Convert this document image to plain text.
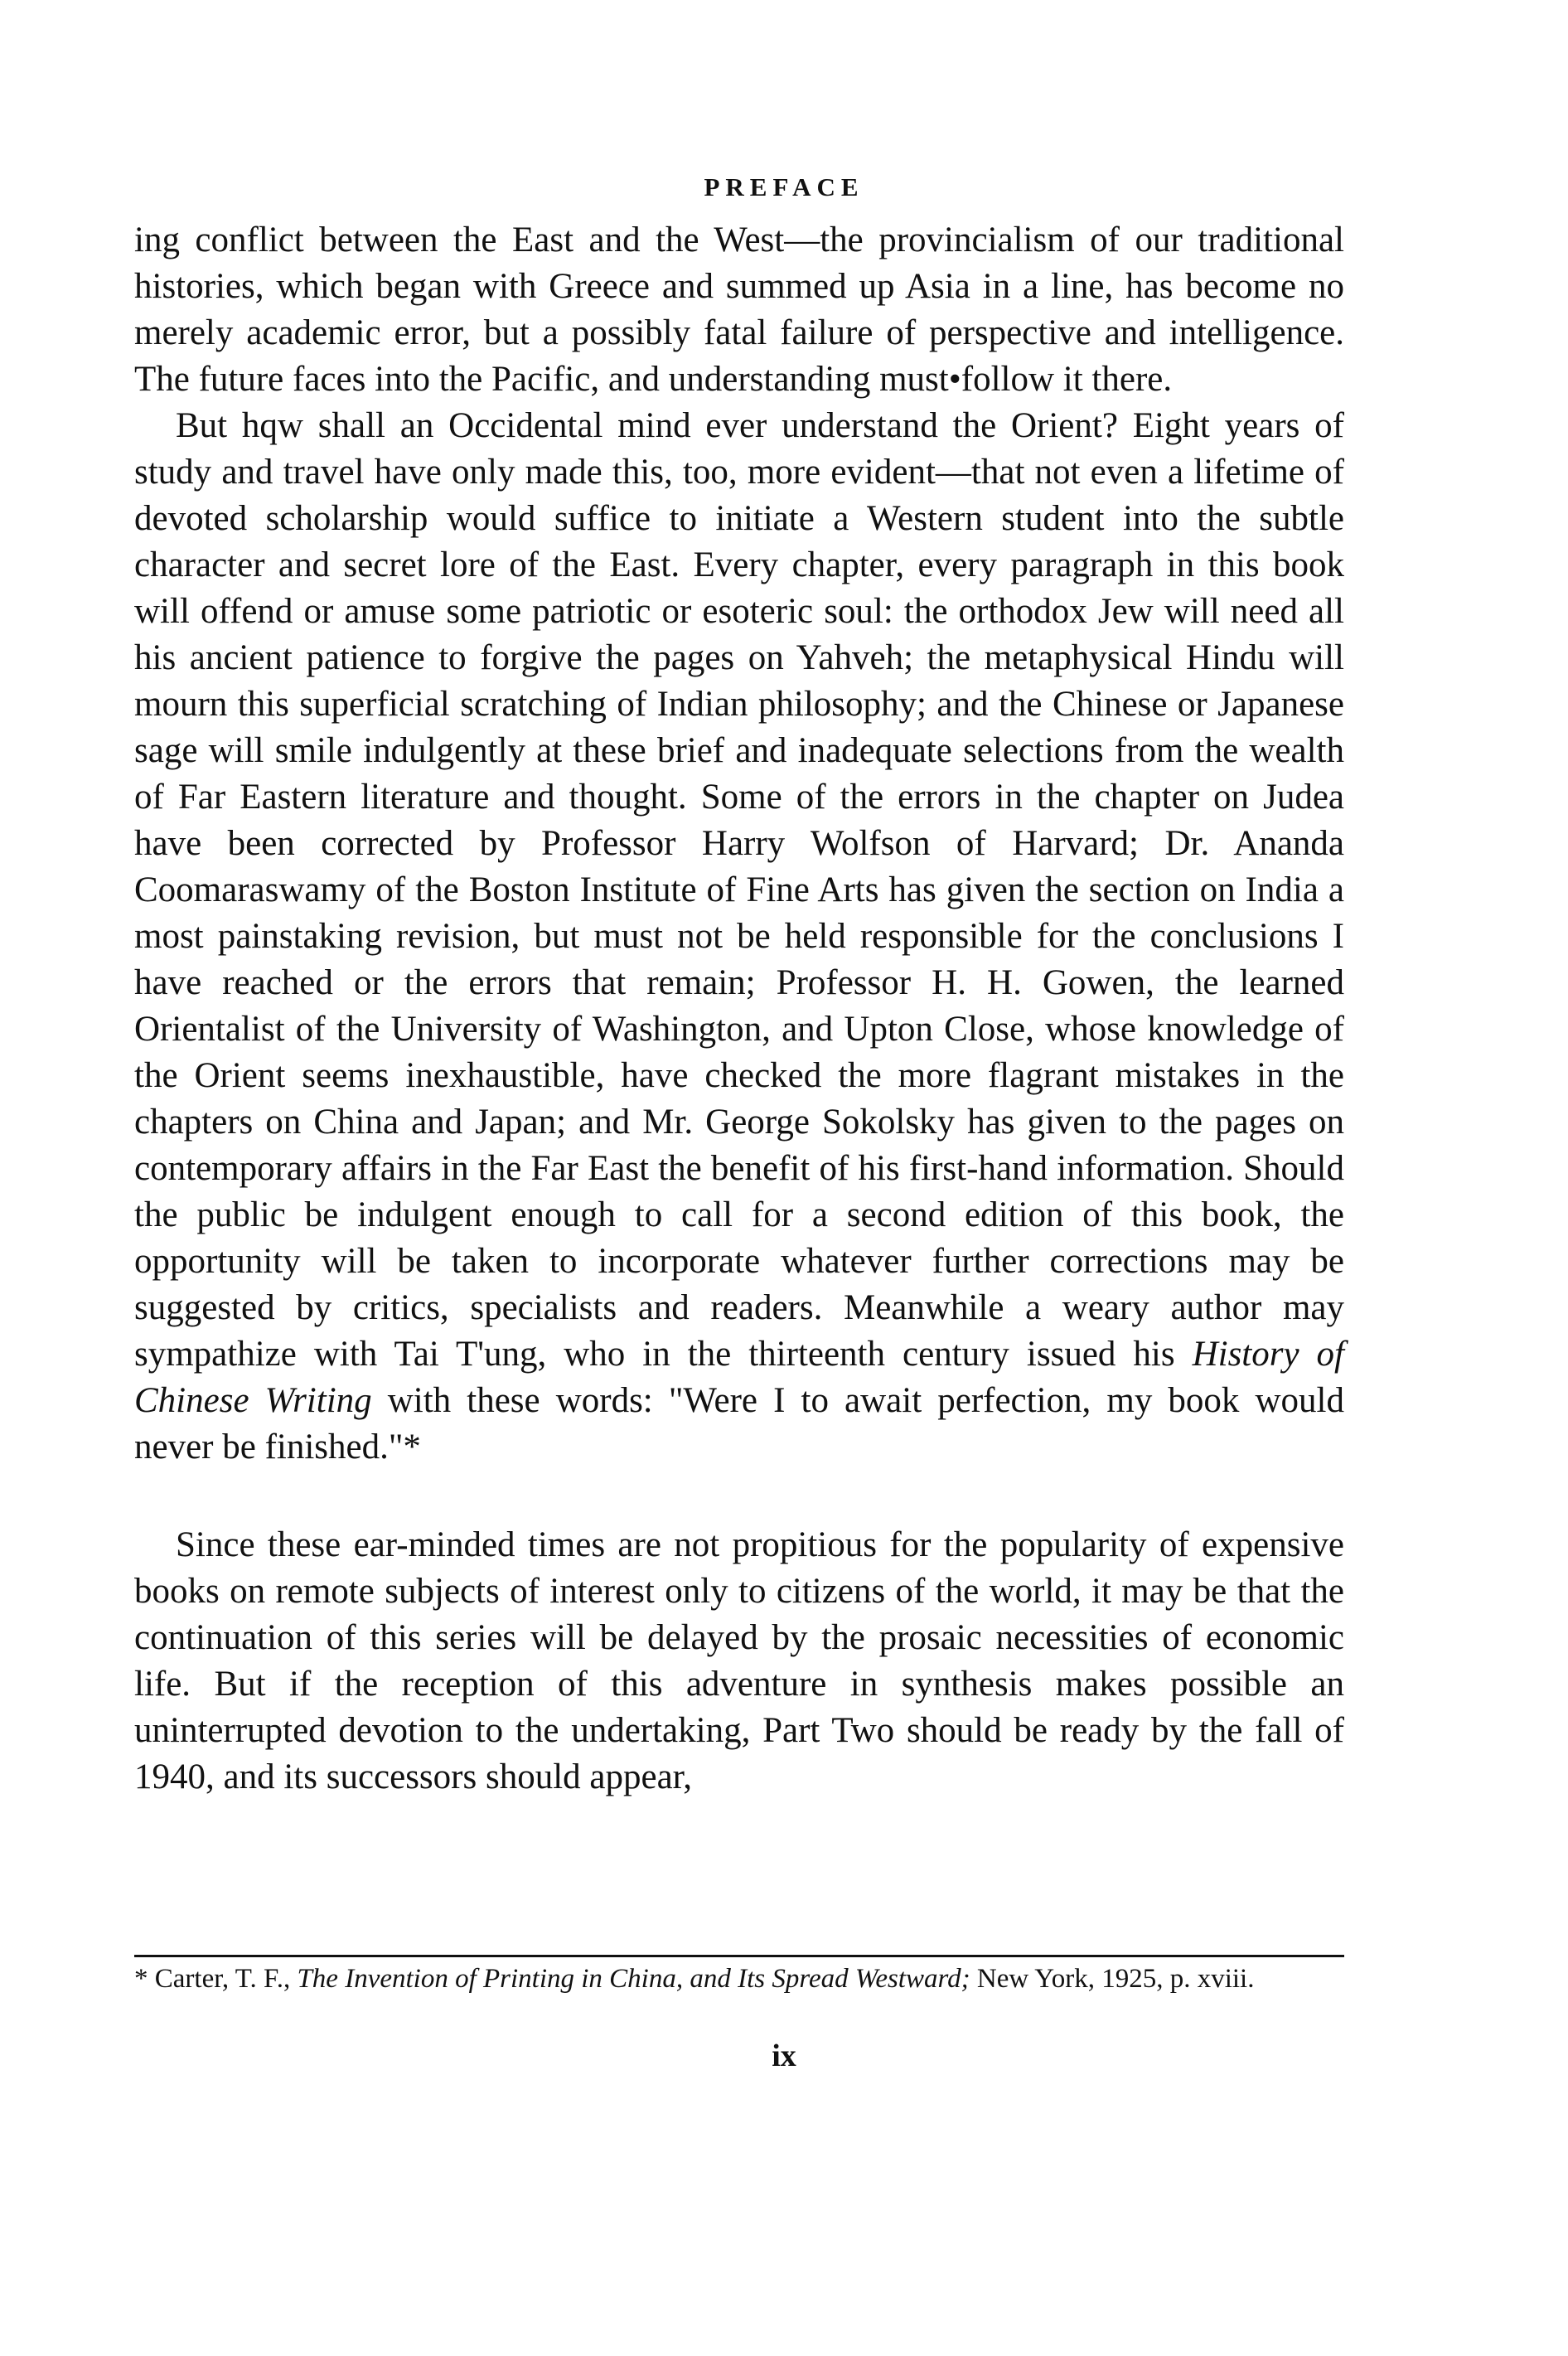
PREFACE

ing conflict between the East and the West—the provincialism of our traditional histories, which began with Greece and summed up Asia in a line, has become no merely academic error, but a possibly fatal failure of perspective and intelligence. The future faces into the Pacific, and understanding must•follow it there.

But hqw shall an Occidental mind ever understand the Orient? Eight years of study and travel have only made this, too, more evident—that not even a lifetime of devoted scholarship would suffice to initiate a Western student into the subtle character and secret lore of the East. Every chapter, every paragraph in this book will offend or amuse some patriotic or esoteric soul: the orthodox Jew will need all his ancient patience to forgive the pages on Yahveh; the metaphysical Hindu will mourn this superficial scratching of Indian philosophy; and the Chinese or Japanese sage will smile indulgently at these brief and inadequate selections from the wealth of Far Eastern literature and thought. Some of the errors in the chapter on Judea have been corrected by Professor Harry Wolfson of Harvard; Dr. Ananda Coomaraswamy of the Boston Institute of Fine Arts has given the section on India a most painstaking revision, but must not be held responsible for the conclusions I have reached or the errors that remain; Professor H. H. Gowen, the learned Orientalist of the University of Washington, and Upton Close, whose knowledge of the Orient seems inexhaustible, have checked the more flagrant mistakes in the chapters on China and Japan; and Mr. George Sokolsky has given to the pages on contemporary affairs in the Far East the benefit of his first-hand information. Should the public be indulgent enough to call for a second edition of this book, the opportunity will be taken to incorporate whatever further corrections may be suggested by critics, specialists and readers. Meanwhile a weary author may sympathize with Tai T'ung, who in the thirteenth century issued his History of Chinese Writing with these words: "Were I to await perfection, my book would never be finished."*

Since these ear-minded times are not propitious for the popularity of expensive books on remote subjects of interest only to citizens of the world, it may be that the continuation of this series will be delayed by the prosaic necessities of economic life. But if the reception of this adventure in synthesis makes possible an uninterrupted devotion to the undertaking, Part Two should be ready by the fall of 1940, and its successors should appear,

* Carter, T. F., The Invention of Printing in China, and Its Spread Westward; New York, 1925, p. xviii.
ix
